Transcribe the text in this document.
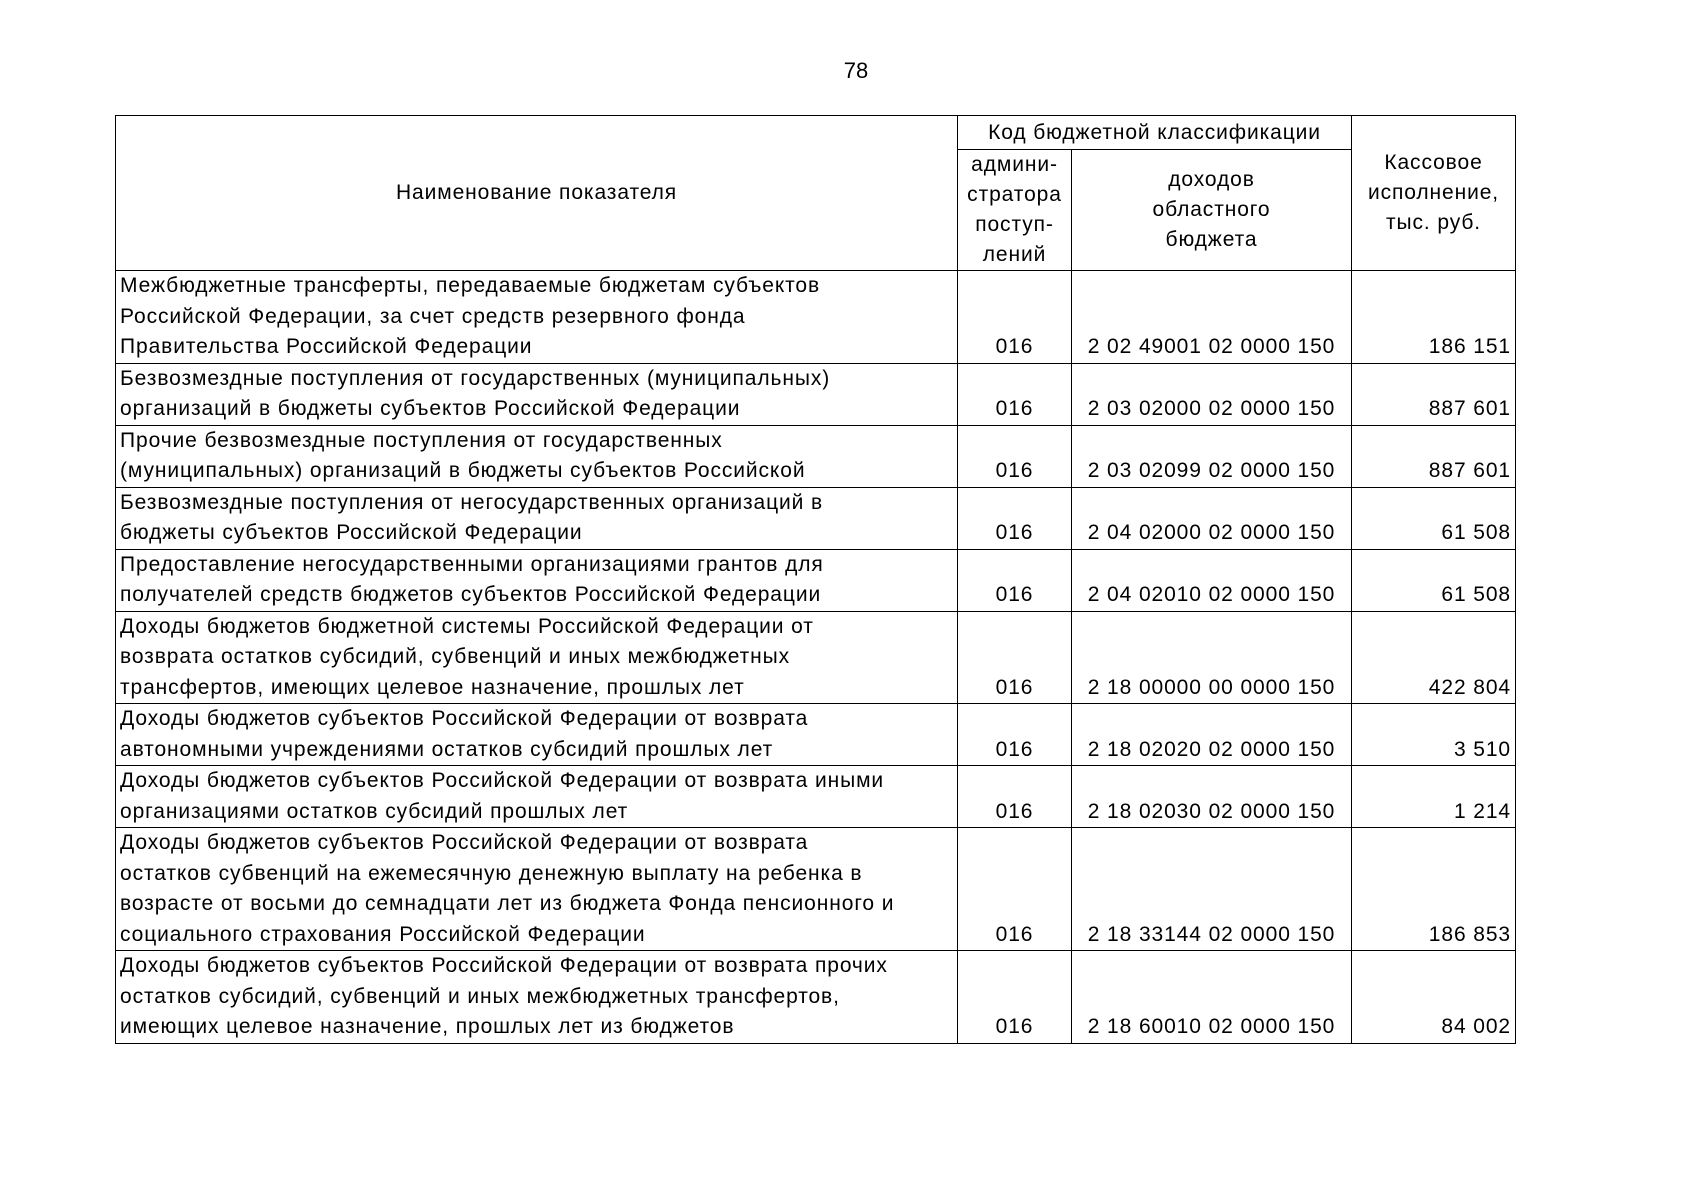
78
Наименование показателя	Код бюджетной классификации		Кассовое
исполнение,
тыс. руб.
	админи-
стратора
поступ-
лений	доходов
областного
бюджета	
Межбюджетные трансферты, передаваемые бюджетам субъектов
Российской Федерации, за счет средств резервного фонда
Правительства Российской Федерации	016	2 02 49001 02 0000 150	186 151
Безвозмездные поступления от государственных (муниципальных)
организаций в бюджеты субъектов Российской Федерации	016	2 03 02000 02 0000 150	887 601
Прочие безвозмездные поступления от государственных
(муниципальных) организаций в бюджеты субъектов Российской	016	2 03 02099 02 0000 150	887 601
Безвозмездные поступления от негосударственных организаций в
бюджеты субъектов Российской Федерации	016	2 04 02000 02 0000 150	61 508
Предоставление негосударственными организациями грантов для
получателей средств бюджетов субъектов Российской Федерации	016	2 04 02010 02 0000 150	61 508
Доходы бюджетов бюджетной системы Российской Федерации от
возврата остатков субсидий, субвенций и иных межбюджетных
трансфертов, имеющих целевое назначение, прошлых лет	016	2 18 00000 00 0000 150	422 804
Доходы бюджетов субъектов Российской Федерации от возврата
автономными учреждениями остатков субсидий прошлых лет	016	2 18 02020 02 0000 150	3 510
Доходы бюджетов субъектов Российской Федерации от возврата иными
организациями остатков субсидий прошлых лет	016	2 18 02030 02 0000 150	1 214
Доходы бюджетов субъектов Российской Федерации от возврата
остатков субвенций на ежемесячную денежную выплату на ребенка в
возрасте от восьми до семнадцати лет из бюджета Фонда пенсионного и
социального страхования Российской Федерации	016	2 18 33144 02 0000 150	186 853
Доходы бюджетов субъектов Российской Федерации от возврата прочих
остатков субсидий, субвенций и иных межбюджетных трансфертов,
имеющих целевое назначение, прошлых лет из бюджетов	016	2 18 60010 02 0000 150	84 002
